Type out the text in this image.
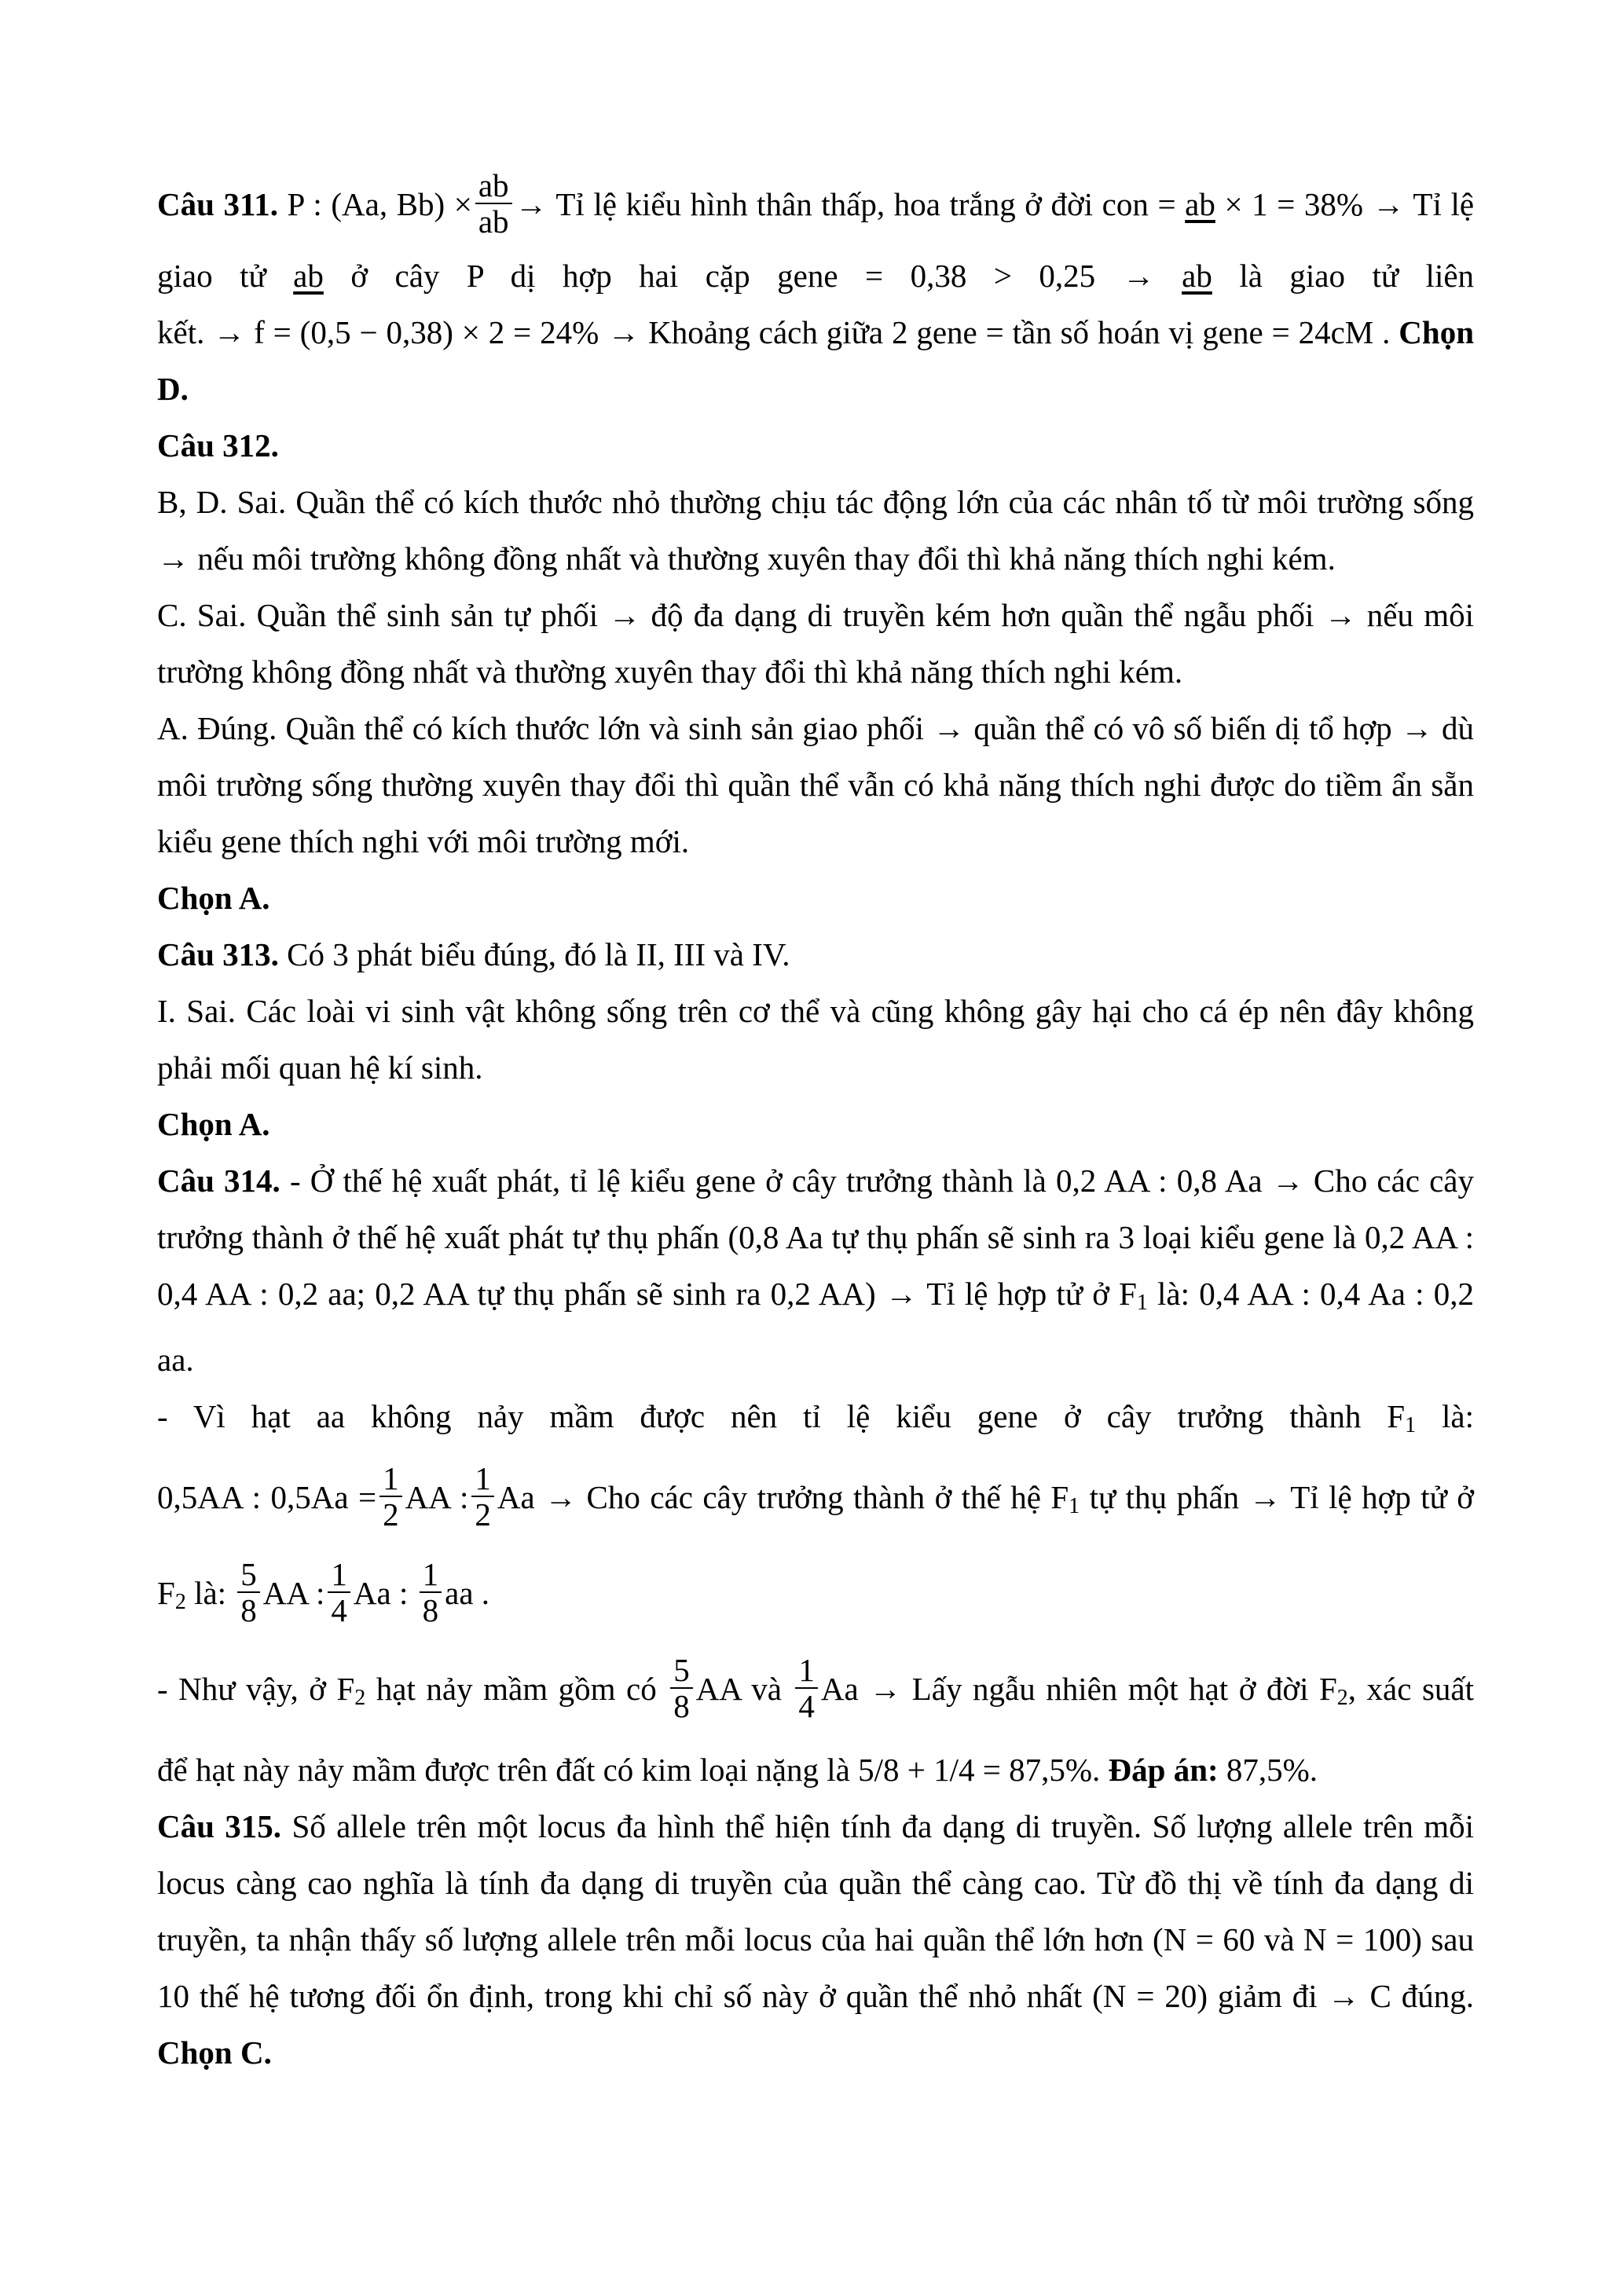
Câu 311. P : (Aa, $Bb) \times \frac{ab}{ab}$ → Tỉ lệ kiểu hình thân thấp, hoa trắng ở đời con = ab × 1 = 38% → Tỉ lệ
giao tử ab ở cây P dị hợp hai cặp gene = 0,38 > 0,25 → ab là giao tử liên
kết. → f = (0,5 − 0,38) × 2 = 24% → Khoảng cách giữa 2 gene = tần số hoán vị gene = 24cM . Chọn D.
Câu 312.

B, D. Sai. Quần thể có kích thước nhỏ thường chịu tác động lớn của các nhân tố từ môi trường sống → nếu môi trường không đồng nhất và thường xuyên thay đổi thì khả năng thích nghi kém.

C. Sai. Quần thể sinh sản tự phối → độ đa dạng di truyền kém hơn quần thể ngẫu phối → nếu môi trường không đồng nhất và thường xuyên thay đổi thì khả năng thích nghi kém.

A. Đúng. Quần thể có kích thước lớn và sinh sản giao phối → quần thể có vô số biến dị tổ hợp → dù môi trường sống thường xuyên thay đổi thì quần thể vẫn có khả năng thích nghi được do tiềm ẩn sẵn kiểu gene thích nghi với môi trường mới.

Chọn A.
Câu 313. Có 3 phát biểu đúng, đó là II, III và IV.

I. Sai. Các loài vi sinh vật không sống trên cơ thể và cũng không gây hại cho cá ép nên đây không phải mối quan hệ kí sinh.

Chọn A.

Câu 314. - Ở thế hệ xuất phát, tỉ lệ kiểu gene ở cây trưởng thành là 0,2 AA : 0,8 Aa → Cho các cây trưởng thành ở thế hệ xuất phát tự thụ phấn (0,8 Aa tự thụ phấn sẽ sinh ra 3 loại kiểu gene là 0,2 AA : 0,4 AA : 0,2 aa; 0,2 AA tự thụ phấn sẽ sinh ra 0,2 AA) → Tỉ lệ hợp tử ở $F_1$ là: 0,4 AA : 0,4 Aa : 0,2 aa.

- Vì hạt aa không nảy mầm được nên tỉ lệ kiểu gene ở cây trưởng thành $F_1$ là:
0,5AA : $0,5Aa = \frac{1}{2}$ AA : $\frac{1}{2}$ Aa → Cho các cây trưởng thành ở thế hệ $F_1$ tự thụ phấn → Tỉ lệ hợp tử ở
$F_2$ là: $\frac{5}{8}$ AA : $\frac{1}{4}$ Aa : $\frac{1}{8}$ aa .
- Như vậy, ở $F_2$ hạt nảy mầm gồm có $\frac{5}{8}$ AA và $\frac{1}{4}$ Aa → Lấy ngẫu nhiên một hạt ở đời $F_2$, xác suất
để hạt này nảy mầm được trên đất có kim loại nặng là 5/8 + 1/4 = 87,5%. Đáp án: 87,5%.

Câu 315. Số allele trên một locus đa hình thể hiện tính đa dạng di truyền. Số lượng allele trên mỗi locus càng cao nghĩa là tính đa dạng di truyền của quần thể càng cao. Từ đồ thị về tính đa dạng di truyền, ta nhận thấy số lượng allele trên mỗi locus của hai quần thể lớn hơn (N = 60 và N = 100) sau 10 thế hệ tương đối ổn định, trong khi chỉ số này ở quần thể nhỏ nhất (N = 20) giảm đi → C đúng. Chọn C.
